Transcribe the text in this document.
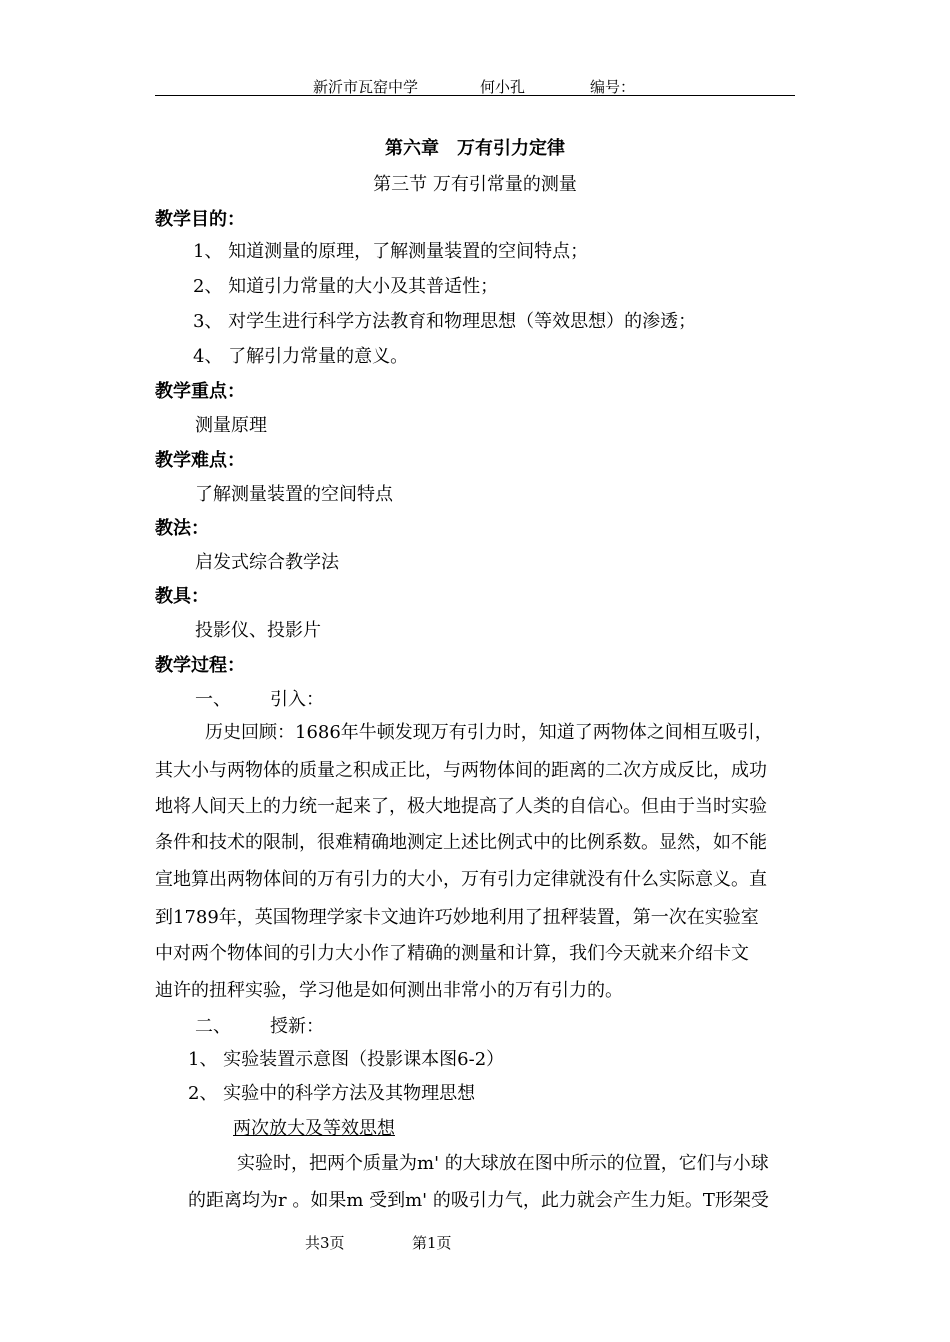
新沂市瓦窑中学	何小孔	编号：
第六章　万有引力定律
第三节 万有引常量的测量
教学目的：
1、 知道测量的原理，了解测量装置的空间特点；
2、 知道引力常量的大小及其普适性；
3、 对学生进行科学方法教育和物理思想（等效思想）的渗透；
4、 了解引力常量的意义。
教学重点：
测量原理
教学难点：
了解测量装置的空间特点
教法：
启发式综合教学法
教具：
投影仪、投影片
教学过程：
一、 引入：
历史回顾：1686年牛顿发现万有引力时，知道了两物体之间相互吸引，
其大小与两物体的质量之积成正比，与两物体间的距离的二次方成反比，成功
地将人间天上的力统一起来了，极大地提高了人类的自信心。但由于当时实验
条件和技术的限制，很难精确地测定上述比例式中的比例系数。显然，如不能
宣地算出两物体间的万有引力的大小，万有引力定律就没有什么实际意义。直
到1789年，英国物理学家卡文迪许巧妙地利用了扭秤装置，第一次在实验室
中对两个物体间的引力大小作了精确的测量和计算，我们今天就来介绍卡文
迪许的扭秤实验，学习他是如何测出非常小的万有引力的。
二、 授新：
1、 实验装置示意图（投影课本图6-2）
2、 实验中的科学方法及其物理思想
两次放大及等效思想
实验时，把两个质量为m' 的大球放在图中所示的位置，它们与小球
的距离均为r 。如果m 受到m' 的吸引力气，此力就会产生力矩。T形架受
共3页	第1页
